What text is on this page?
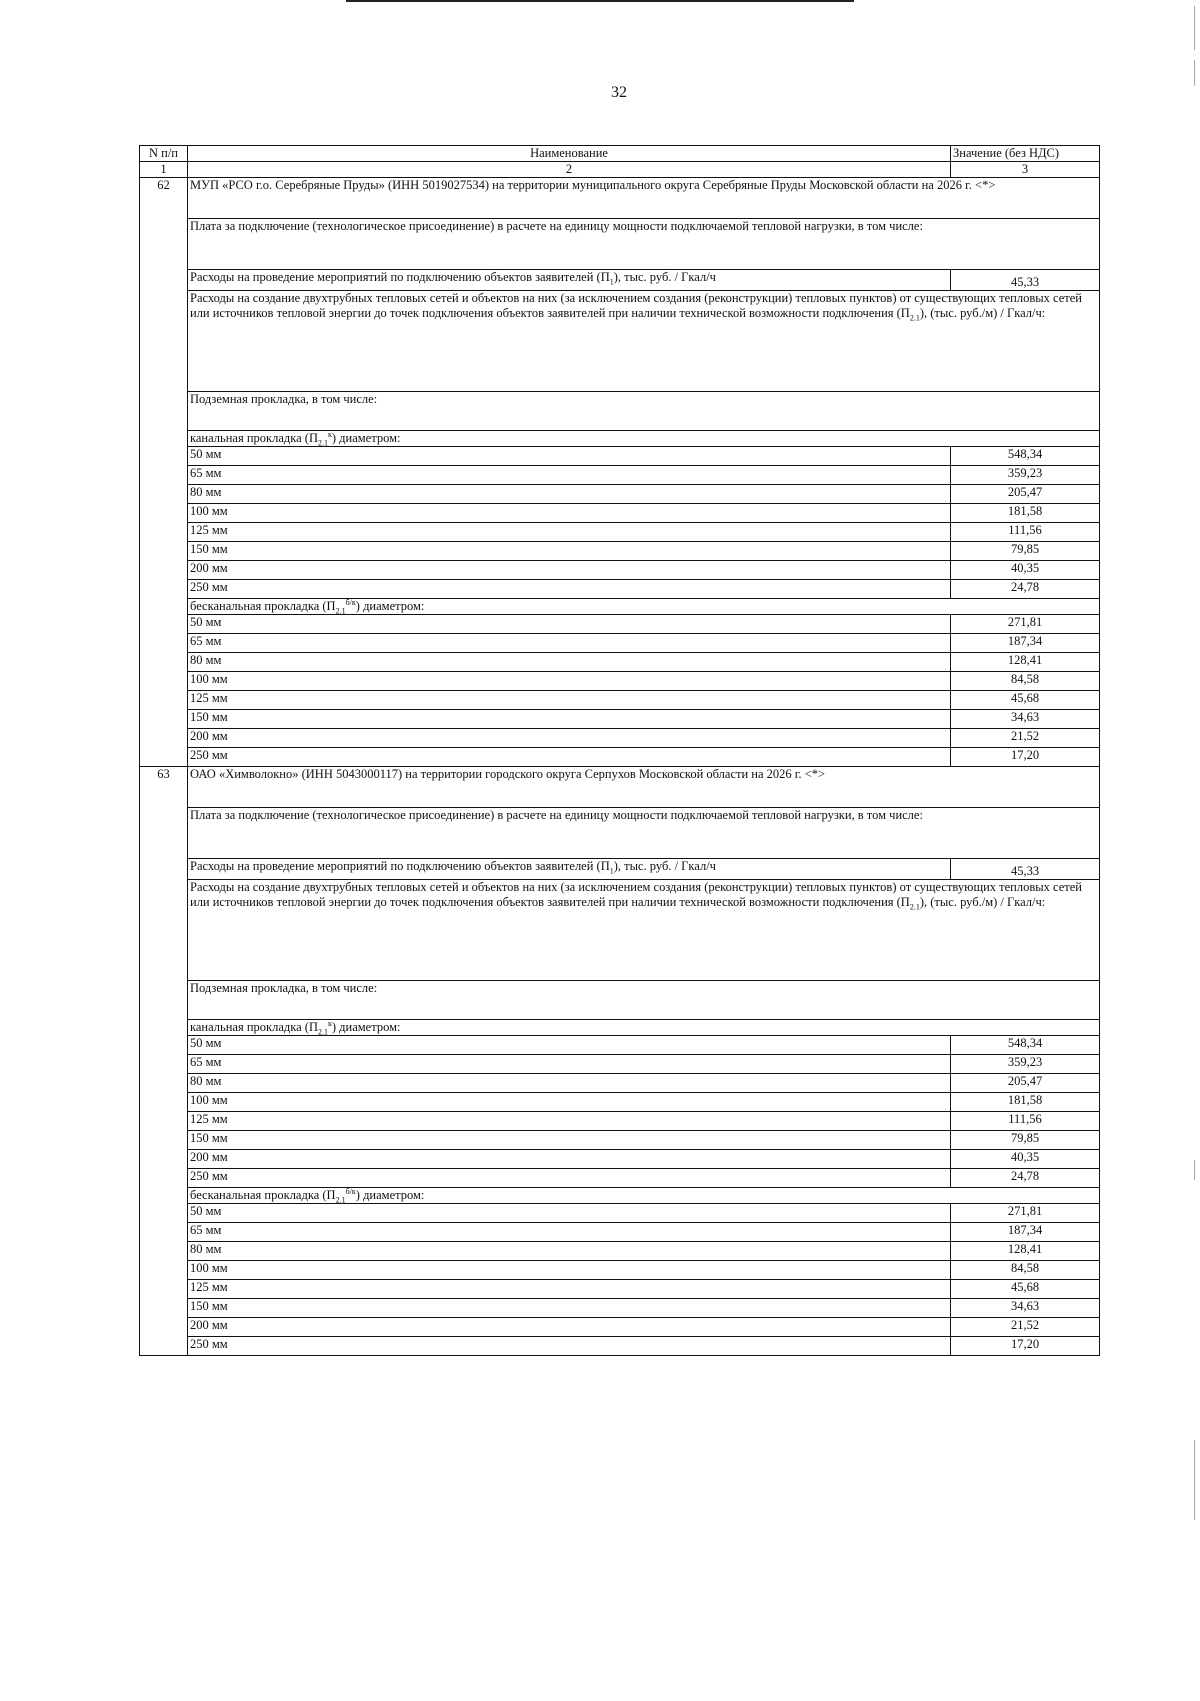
32
N п/п	Наименование	Значение (без НДС)
1	2	3
62	МУП «РСО г.о. Серебряные Пруды» (ИНН 5019027534) на территории муниципального округа Серебряные Пруды Московской области на 2026 г. <*>	
	Плата за подключение (технологическое присоединение) в расчете на единицу мощности подключаемой тепловой нагрузки, в том числе:	
	Расходы на проведение мероприятий по подключению объектов заявителей $(П_1)$, тыс. руб. / Гкал/ч	45,33
	Расходы на создание двухтрубных тепловых сетей и объектов на них (за исключением создания (реконструкции) тепловых пунктов) от существующих тепловых сетей или источников тепловой энергии до точек подключения объектов заявителей при наличии технической возможности подключения $(П_{2.1})$, (тыс. руб./м) / Гкал/ч:	
	Подземная прокладка, в том числе:	
	канальная прокладка $(П_{2.1}^к)$ диаметром:	
	50 мм	548,34
	65 мм	359,23
	80 мм	205,47
	100 мм	181,58
	125 мм	111,56
	150 мм	79,85
	200 мм	40,35
	250 мм	24,78
	бесканальная прокладка $(П_{2.1}^{б/к})$ диаметром:	
	50 мм	271,81
	65 мм	187,34
	80 мм	128,41
	100 мм	84,58
	125 мм	45,68
	150 мм	34,63
	200 мм	21,52
	250 мм	17,20
63	ОАО «Химволокно» (ИНН 5043000117) на территории городского округа Серпухов Московской области на 2026 г. <*>	
	Плата за подключение (технологическое присоединение) в расчете на единицу мощности подключаемой тепловой нагрузки, в том числе:	
	Расходы на проведение мероприятий по подключению объектов заявителей $(П_1)$, тыс. руб. / Гкал/ч	45,33
	Расходы на создание двухтрубных тепловых сетей и объектов на них (за исключением создания (реконструкции) тепловых пунктов) от существующих тепловых сетей или источников тепловой энергии до точек подключения объектов заявителей при наличии технической возможности подключения $(П_{2.1})$, (тыс. руб./м) / Гкал/ч:	
	Подземная прокладка, в том числе:	
	канальная прокладка $(П_{2.1}^к)$ диаметром:	
	50 мм	548,34
	65 мм	359,23
	80 мм	205,47
	100 мм	181,58
	125 мм	111,56
	150 мм	79,85
	200 мм	40,35
	250 мм	24,78
	бесканальная прокладка $(П_{2.1}^{б/к})$ диаметром:	
	50 мм	271,81
	65 мм	187,34
	80 мм	128,41
	100 мм	84,58
	125 мм	45,68
	150 мм	34,63
	200 мм	21,52
	250 мм	17,20
